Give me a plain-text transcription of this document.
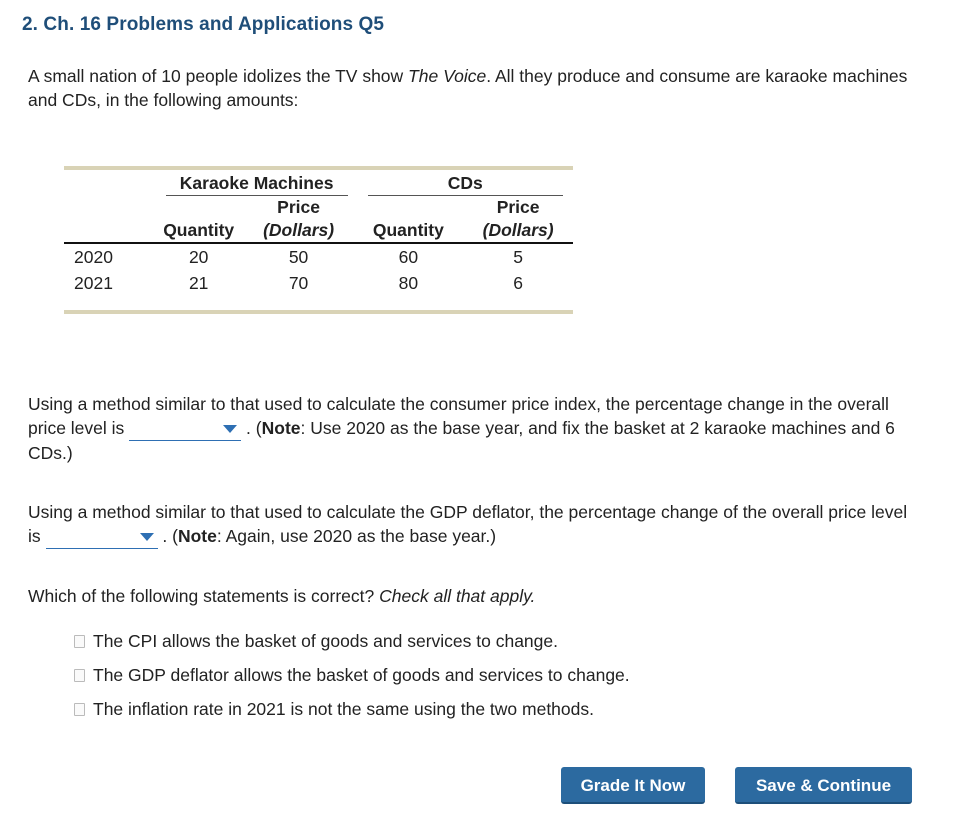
2. Ch. 16 Problems and Applications Q5
A small nation of 10 people idolizes the TV show The Voice. All they produce and consume are karaoke machines and CDs, in the following amounts:

	Karaoke Machines		CDs	

		Price		Price
	Quantity	(Dollars)	Quantity	(Dollars)
2020	20	50	60	5
2021	21	70	80	6
Using a method similar to that used to calculate the consumer price index, the percentage change in the overall price level is	. (Note: Use 2020 as the base year, and fix the basket at 2 karaoke machines and 6 CDs.)
Using a method similar to that used to calculate the GDP deflator, the percentage change of the overall price level is	. (Note: Again, use 2020 as the base year.)
Which of the following statements is correct? Check all that apply.
The CPI allows the basket of goods and services to change.
The GDP deflator allows the basket of goods and services to change.
The inflation rate in 2021 is not the same using the two methods.
Grade It Now	Save & Continue
